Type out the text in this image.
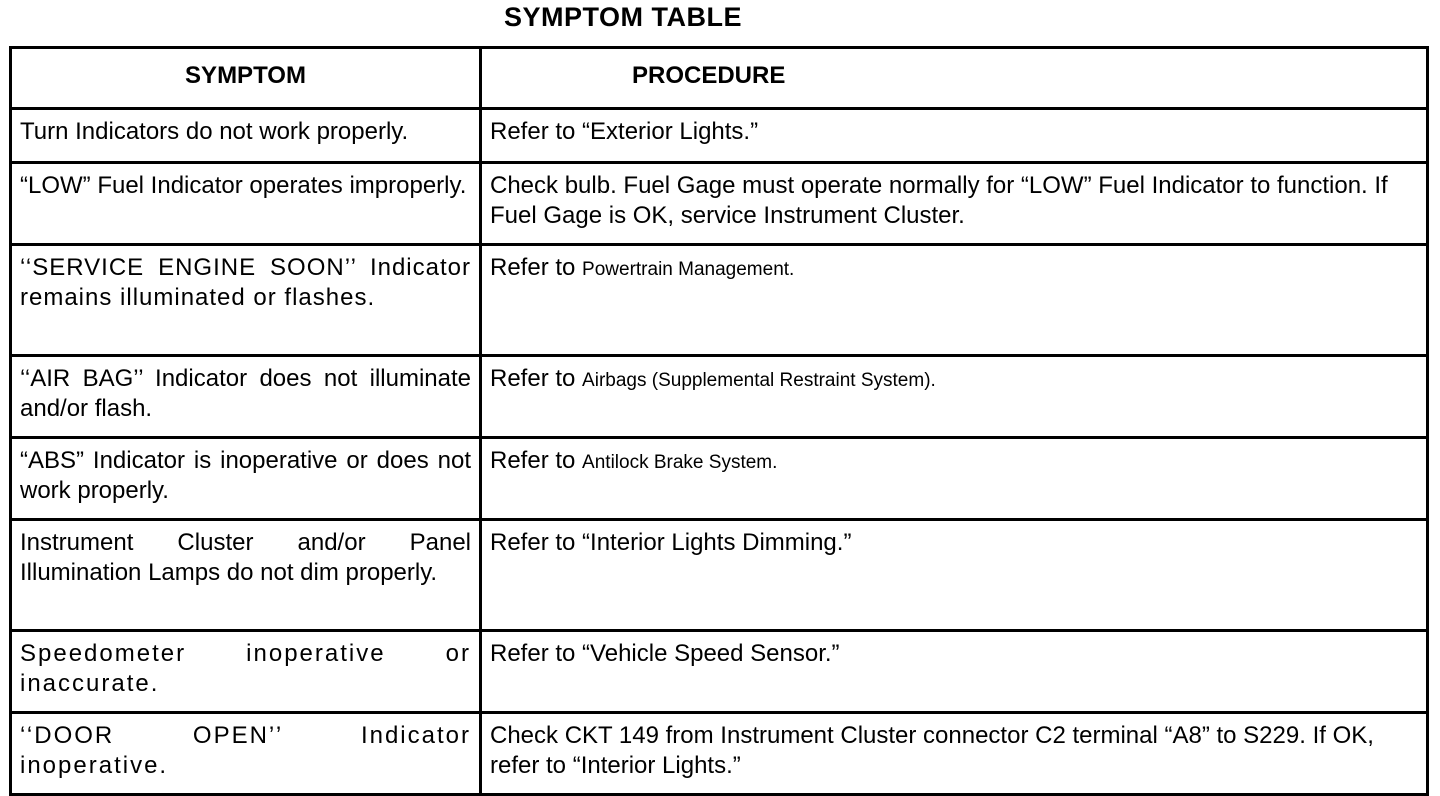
SYMPTOM TABLE
SYMPTOM	PROCEDURE
Turn Indicators do not work properly.	Refer to “Exterior Lights.”
“LOW” Fuel Indicator operates improperly.	Check bulb. Fuel Gage must operate normally for “LOW” Fuel Indicator to function. If Fuel Gage is OK, service Instrument Cluster.
‘‘SERVICE ENGINE SOON’’ Indicator remains illuminated or flashes.	Refer to Powertrain Management.
‘‘AIR BAG’’ Indicator does not illuminate and/or flash.	Refer to Airbags (Supplemental Restraint System).
“ABS” Indicator is inoperative or does not work properly.	Refer to Antilock Brake System.
Instrument Cluster and/or Panel Illumination Lamps do not dim properly.	Refer to “Interior Lights Dimming.”
Speedometer inoperative or inaccurate.	Refer to “Vehicle Speed Sensor.”
‘‘DOOR OPEN’’ Indicator inoperative.	Check CKT 149 from Instrument Cluster connector C2 terminal “A8” to S229. If OK, refer to “Interior Lights.”
